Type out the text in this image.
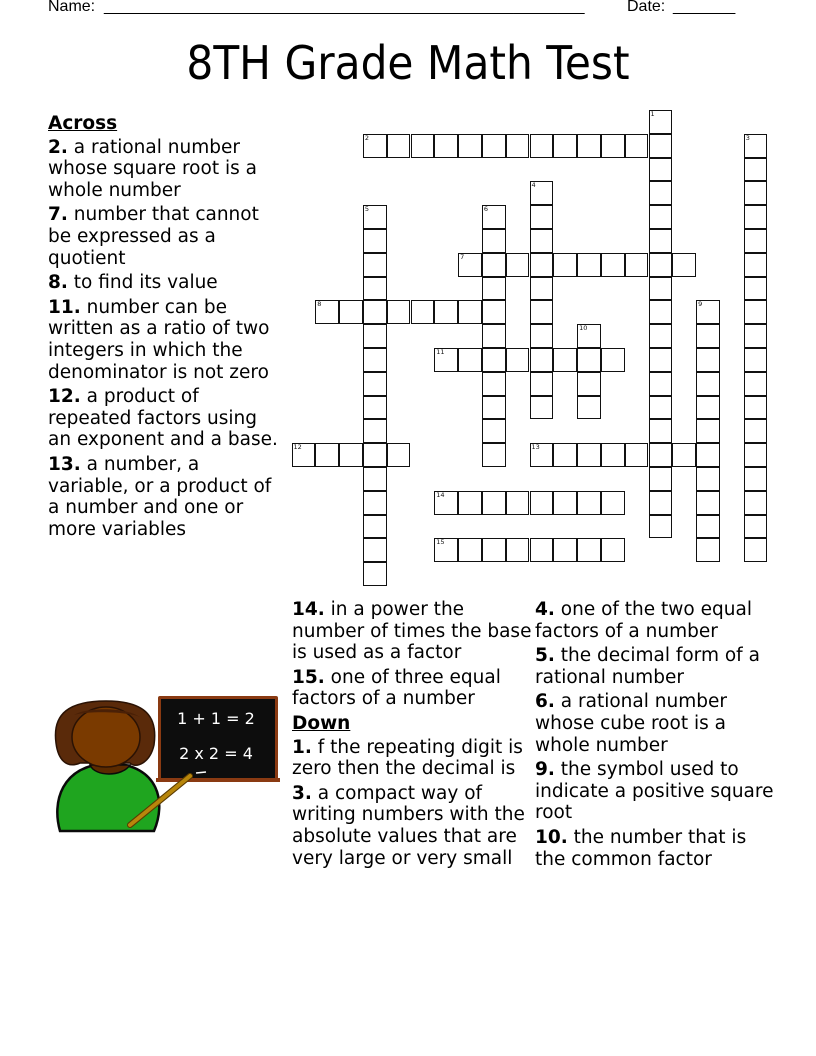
Name: ______________________________________________________	Date: _______
8TH Grade Math Test
Across
2. a rational number whose square root is a whole number
7. number that cannot be expressed as a quotient
8. to find its value
11. number can be written as a ratio of two integers in which the denominator is not zero
12. a product of repeated factors using an exponent and a base.
13. a number, a variable, or a product of a number and one or more variables
14. in a power the number of times the base is used as a factor
15. one of three equal factors of a number
Down
1. f the repeating digit is zero then the decimal is
3. a compact way of writing numbers with the absolute values that are very large or very small
4. one of the two equal factors of a number
5. the decimal form of a rational number
6. a rational number whose cube root is a whole number
9. the symbol used to indicate a positive square root
10. the number that is the common factor
1
2	3
4
5	6
7
8	9
10
11
12	13
14
15
1 + 1 = 2
2 x 2 = 4
